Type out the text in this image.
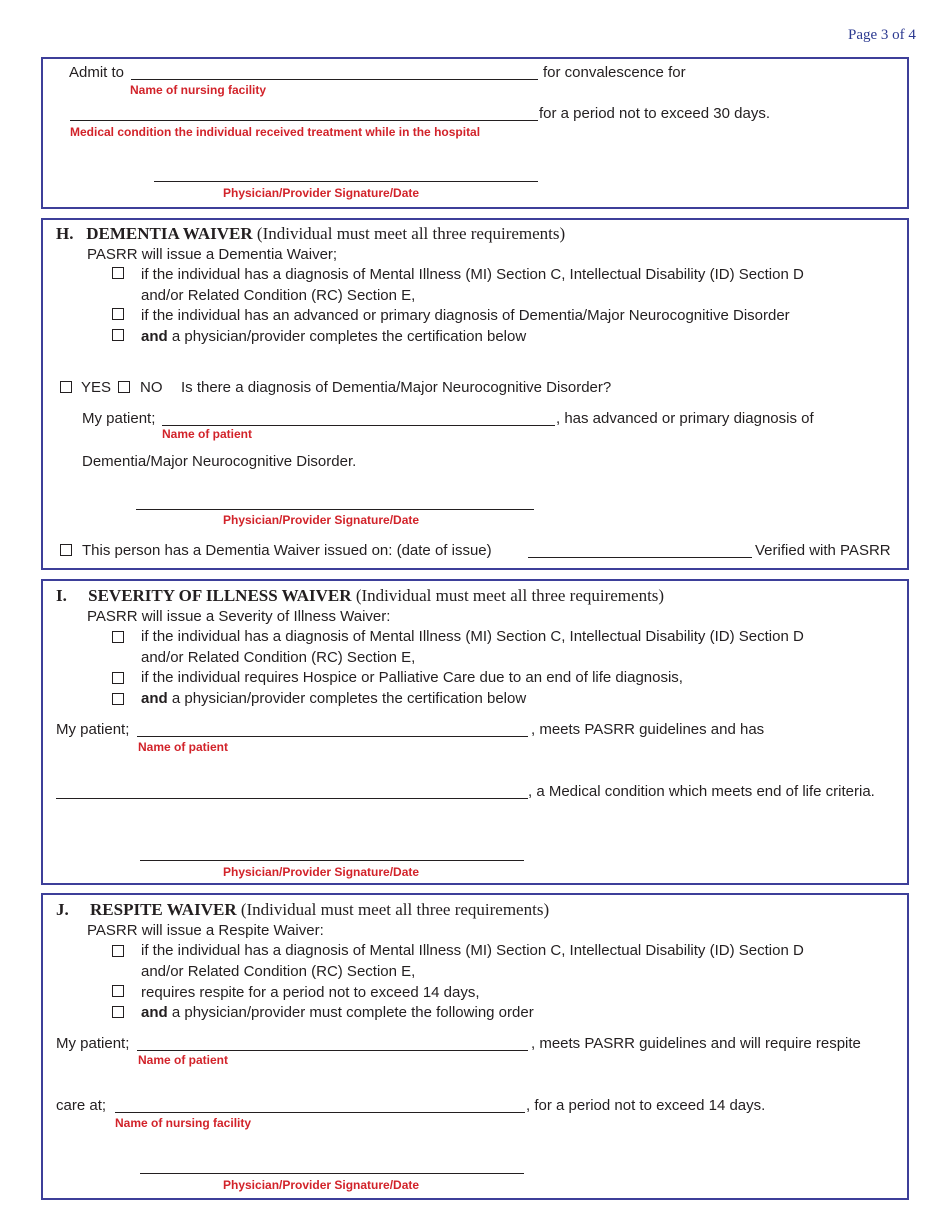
Page 3 of 4
Admit to	for convalescence for
Name of nursing facility
for a period not to exceed 30 days.
Medical condition the individual received treatment while in the hospital
Physician/Provider Signature/Date
H. DEMENTIA WAIVER (Individual must meet all three requirements)
PASRR will issue a Dementia Waiver;
if the individual has a diagnosis of Mental Illness (MI) Section C, Intellectual Disability (ID) Section D
and/or Related Condition (RC) Section E,
if the individual has an advanced or primary diagnosis of Dementia/Major Neurocognitive Disorder
and a physician/provider completes the certification below
YES NO Is there a diagnosis of Dementia/Major Neurocognitive Disorder?
My patient;	, has advanced or primary diagnosis of
Name of patient
Dementia/Major Neurocognitive Disorder.
Physician/Provider Signature/Date
This person has a Dementia Waiver issued on: (date of issue)	Verified with PASRR
I. SEVERITY OF ILLNESS WAIVER (Individual must meet all three requirements)
PASRR will issue a Severity of Illness Waiver:
if the individual has a diagnosis of Mental Illness (MI) Section C, Intellectual Disability (ID) Section D
and/or Related Condition (RC) Section E,
if the individual requires Hospice or Palliative Care due to an end of life diagnosis,
and a physician/provider completes the certification below
My patient;	, meets PASRR guidelines and has
Name of patient
, a Medical condition which meets end of life criteria.
Physician/Provider Signature/Date
J. RESPITE WAIVER (Individual must meet all three requirements)
PASRR will issue a Respite Waiver:
if the individual has a diagnosis of Mental Illness (MI) Section C, Intellectual Disability (ID) Section D
and/or Related Condition (RC) Section E,
requires respite for a period not to exceed 14 days,
and a physician/provider must complete the following order
My patient;	, meets PASRR guidelines and will require respite
Name of patient
care at;	, for a period not to exceed 14 days.
Name of nursing facility
Physician/Provider Signature/Date
